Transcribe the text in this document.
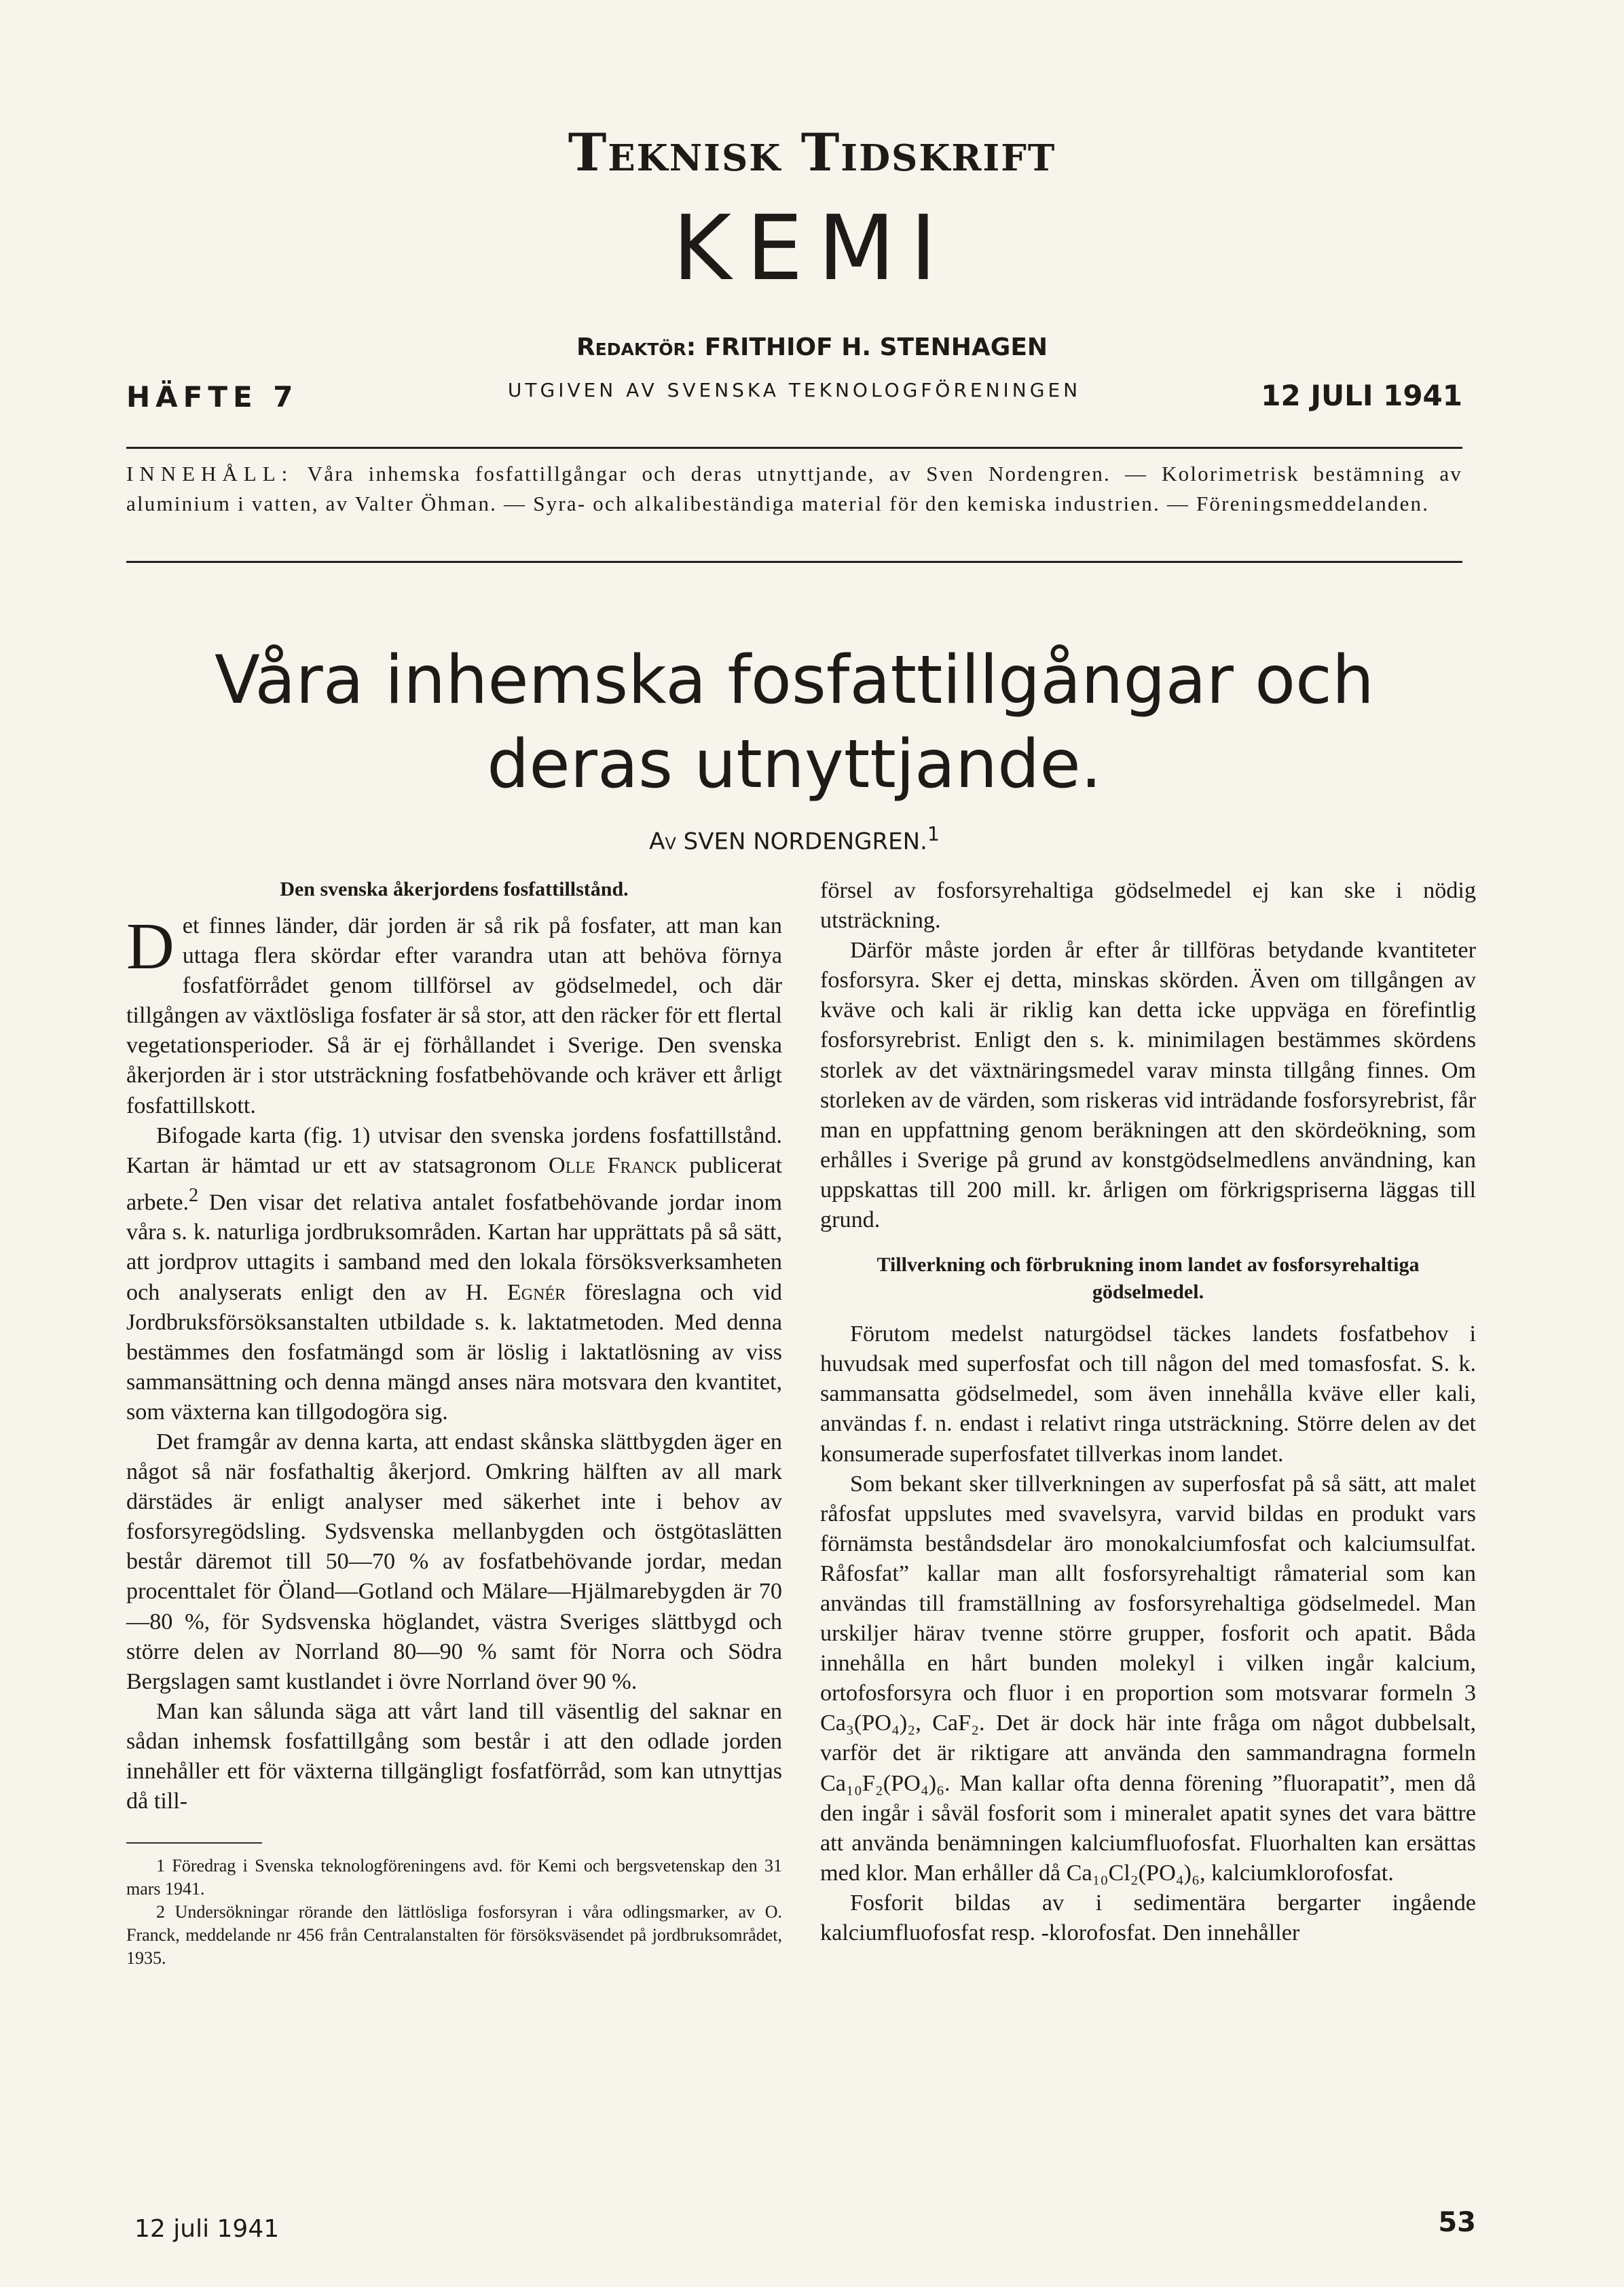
Teknisk Tidskrift
KEMI
Redaktör: FRITHIOF H. STENHAGEN
HÄFTE 7	UTGIVEN AV SVENSKA TEKNOLOGFÖRENINGEN	12 JULI 1941
INNEHÅLL: Våra inhemska fosfattillgångar och deras utnyttjande, av Sven Nordengren. — Kolorimetrisk bestämning av aluminium i vatten, av Valter Öhman. — Syra- och alkalibeständiga material för den kemiska industrien. — Föreningsmeddelanden.
Våra inhemska fosfattillgångar och
deras utnyttjande.
Av SVEN NORDENGREN.$^1$
Den svenska åkerjordens fosfattillstånd.

Det finnes länder, där jorden är så rik på fosfater, att man kan uttaga flera skördar efter varandra utan att behöva förnya fosfatförrådet genom tillförsel av gödselmedel, och där tillgången av växtlösliga fosfater är så stor, att den räcker för ett flertal vegetationsperioder. Så är ej förhållandet i Sverige. Den svenska åkerjorden är i stor utsträckning fosfatbehövande och kräver ett årligt fosfattillskott.

Bifogade karta (fig. 1) utvisar den svenska jordens fosfattillstånd. Kartan är hämtad ur ett av statsagronom Olle Franck publicerat arbete.$^2$ Den visar det relativa antalet fosfatbehövande jordar inom våra s. k. naturliga jordbruksområden. Kartan har upprättats på så sätt, att jordprov uttagits i samband med den lokala försöksverksamheten och analyserats enligt den av H. Egnér föreslagna och vid Jordbruksförsöksanstalten utbildade s. k. laktatmetoden. Med denna bestämmes den fosfatmängd som är löslig i laktatlösning av viss sammansättning och denna mängd anses nära motsvara den kvantitet, som växterna kan tillgodogöra sig.

Det framgår av denna karta, att endast skånska slättbygden äger en något så när fosfathaltig åkerjord. Omkring hälften av all mark därstädes är enligt analyser med säkerhet inte i behov av fosforsyregödsling. Sydsvenska mellanbygden och östgötaslätten består däremot till 50—70 % av fosfatbehövande jordar, medan procenttalet för Öland—Gotland och Mälare—Hjälmarebygden är 70—80 %, för Sydsvenska höglandet, västra Sveriges slättbygd och större delen av Norrland 80—90 % samt för Norra och Södra Bergslagen samt kustlandet i övre Norrland över 90 %.

Man kan sålunda säga att vårt land till väsentlig del saknar en sådan inhemsk fosfattillgång som består i att den odlade jorden innehåller ett för växterna tillgängligt fosfatförråd, som kan utnyttjas då till-

1 Föredrag i Svenska teknologföreningens avd. för Kemi och bergsvetenskap den 31 mars 1941.

2 Undersökningar rörande den lättlösliga fosforsyran i våra odlingsmarker, av O. Franck, meddelande nr 456 från Centralanstalten för försöksväsendet på jordbruksområdet, 1935.

försel av fosforsyrehaltiga gödselmedel ej kan ske i nödig utsträckning.

Därför måste jorden år efter år tillföras betydande kvantiteter fosforsyra. Sker ej detta, minskas skörden. Även om tillgången av kväve och kali är riklig kan detta icke uppväga en förefintlig fosforsyrebrist. Enligt den s. k. minimilagen bestämmes skördens storlek av det växtnäringsmedel varav minsta tillgång finnes. Om storleken av de värden, som riskeras vid inträdande fosforsyrebrist, får man en uppfattning genom beräkningen att den skördeökning, som erhålles i Sverige på grund av konstgödselmedlens användning, kan uppskattas till 200 mill. kr. årligen om förkrigspriserna läggas till grund.

Tillverkning och förbrukning inom landet av fosforsyrehaltiga gödselmedel.

Förutom medelst naturgödsel täckes landets fosfatbehov i huvudsak med superfosfat och till någon del med tomasfosfat. S. k. sammansatta gödselmedel, som även innehålla kväve eller kali, användas f. n. endast i relativt ringa utsträckning. Större delen av det konsumerade superfosfatet tillverkas inom landet.

Som bekant sker tillverkningen av superfosfat på så sätt, att malet råfosfat uppslutes med svavelsyra, varvid bildas en produkt vars förnämsta beståndsdelar äro monokalciumfosfat och kalciumsulfat. Råfosfat” kallar man allt fosforsyrehaltigt råmaterial som kan användas till framställning av fosforsyrehaltiga gödselmedel. Man urskiljer härav tvenne större grupper, fosforit och apatit. Båda innehålla en hårt bunden molekyl i vilken ingår kalcium, ortofosforsyra och fluor i en proportion som motsvarar formeln 3 Ca₃(PO₄)₂, CaF₂. Det är dock här inte fråga om något dubbelsalt, varför det är riktigare att använda den sammandragna formeln Ca₁₀F₂(PO₄)₆. Man kallar ofta denna förening ”fluorapatit”, men då den ingår i såväl fosforit som i mineralet apatit synes det vara bättre att använda benämningen kalciumfluofosfat. Fluorhalten kan ersättas med klor. Man erhåller då Ca₁₀Cl₂(PO₄)₆, kalciumklorofosfat.

Fosforit bildas av i sedimentära bergarter ingående kalciumfluofosfat resp. -klorofosfat. Den innehåller

12 juli 1941	53
